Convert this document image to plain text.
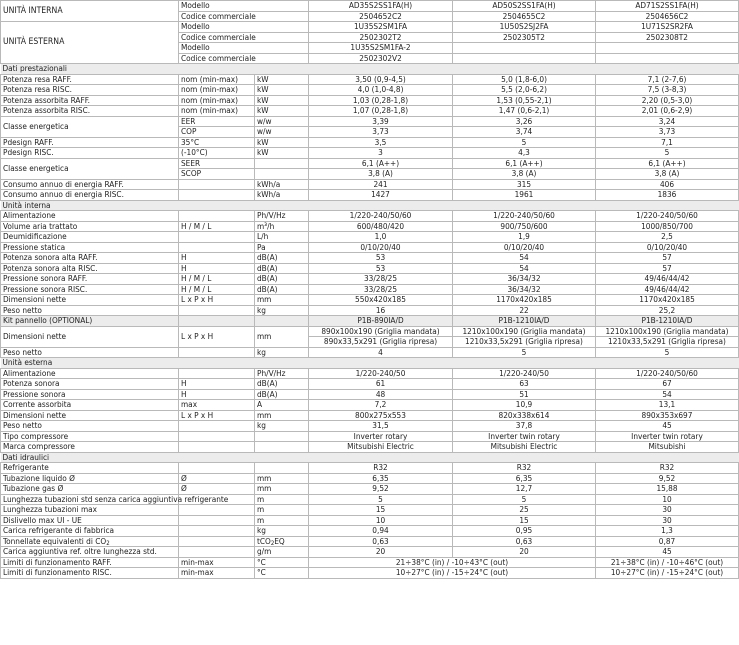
UNITÀ INTERNA	Modello		AD35S2SS1FA(H)	AD50S2SS1FA(H)	AD71S2SS1FA(H)
	Codice commerciale		2504652C2	2504655C2	2504656C2
UNITÀ ESTERNA	Modello		1U35S2SM1FA	1U50S2SJ2FA	1U71S2SR2FA
	Codice commerciale		2502302T2	2502305T2	2502308T2
	Modello		1U35S2SM1FA-2		
	Codice commerciale		2502302V2		
Dati prestazionali					
Potenza resa RAFF.	nom (min-max)	kW	3,50 (0,9-4,5)	5,0 (1,8-6,0)	7,1 (2-7,6)
Potenza resa RISC.	nom (min-max)	kW	4,0 (1,0-4,8)	5,5 (2,0-6,2)	7,5 (3-8,3)
Potenza assorbita RAFF.	nom (min-max)	kW	1,03 (0,28-1,8)	1,53 (0,55-2,1)	2,20 (0,5-3,0)
Potenza assorbita RISC.	nom (min-max)	kW	1,07 (0,28-1,8)	1,47 (0,6-2,1)	2,01 (0,6-2,9)
Classe energetica	EER	w/w	3,39	3,26	3,24
	COP	w/w	3,73	3,74	3,73
Pdesign RAFF.	35°C	kW	3,5	5	7,1
Pdesign RISC.	(-10°C)	kW	3	4,3	5
Classe energetica	SEER		6,1 (A++)	6,1 (A++)	6,1 (A++)
	SCOP		3,8 (A)	3,8 (A)	3,8 (A)
Consumo annuo di energia RAFF.		kWh/a	241	315	406
Consumo annuo di energia RISC.		kWh/a	1427	1961	1836
Unità interna					
Alimentazione		Ph/V/Hz	1/220-240/50/60	1/220-240/50/60	1/220-240/50/60
Volume aria trattato	H / M / L	m³/h	600/480/420	900/750/600	1000/850/700
Deumidificazione		L/h	1,0	1,9	2,5
Pressione statica		Pa	0/10/20/40	0/10/20/40	0/10/20/40
Potenza sonora alta RAFF.	H	dB(A)	53	54	57
Potenza sonora alta RISC.	H	dB(A)	53	54	57
Pressione sonora RAFF.	H / M / L	dB(A)	33/28/25	36/34/32	49/46/44/42
Pressione sonora RISC.	H / M / L	dB(A)	33/28/25	36/34/32	49/46/44/42
Dimensioni nette	L x P x H	mm	550x420x185	1170x420x185	1170x420x185
Peso netto		kg	16	22	25,2
Kit pannello (OPTIONAL)			P1B-890IA/D	P1B-1210IA/D	P1B-1210IA/D
Dimensioni nette	L x P x H	mm	890x100x190 (Griglia mandata)	1210x100x190 (Griglia mandata)	1210x100x190 (Griglia mandata)
			890x33,5x291 (Griglia ripresa)	1210x33,5x291 (Griglia ripresa)	1210x33,5x291 (Griglia ripresa)
Peso netto		kg	4	5	5
Unità esterna					
Alimentazione		Ph/V/Hz	1/220-240/50	1/220-240/50	1/220-240/50/60
Potenza sonora	H	dB(A)	61	63	67
Pressione sonora	H	dB(A)	48	51	54
Corrente assorbita	max	A	7,2	10,9	13,1
Dimensioni nette	L x P x H	mm	800x275x553	820x338x614	890x353x697
Peso netto		kg	31,5	37,8	45
Tipo compressore			Inverter rotary	Inverter twin rotary	Inverter twin rotary
Marca compressore			Mitsubishi Electric	Mitsubishi Electric	Mitsubishi
Dati idraulici					
Refrigerante			R32	R32	R32
Tubazione liquido Ø	Ø	mm	6,35	6,35	9,52
Tubazione gas Ø	Ø	mm	9,52	12,7	15,88
Lunghezza tubazioni std senza carica aggiuntiva refrigerante		m	5	5	10
Lunghezza tubazioni max		m	15	25	30
Dislivello max UI - UE		m	10	15	30
Carica refrigerante di fabbrica		kg	0,94	0,95	1,3
Tonnellate equivalenti di $CO_2$		tCO$_2$EQ	0,63	0,63	0,87
Carica aggiuntiva ref. oltre lunghezza std.		g/m	20	20	45
Limiti di funzionamento RAFF.	min-max	°C	21÷38°C (in) / -10÷43°C (out)		21÷38°C (in) / -10÷46°C (out)
Limiti di funzionamento RISC.	min-max	°C	10÷27°C (in) / -15÷24°C (out)		10÷27°C (in) / -15÷24°C (out)
